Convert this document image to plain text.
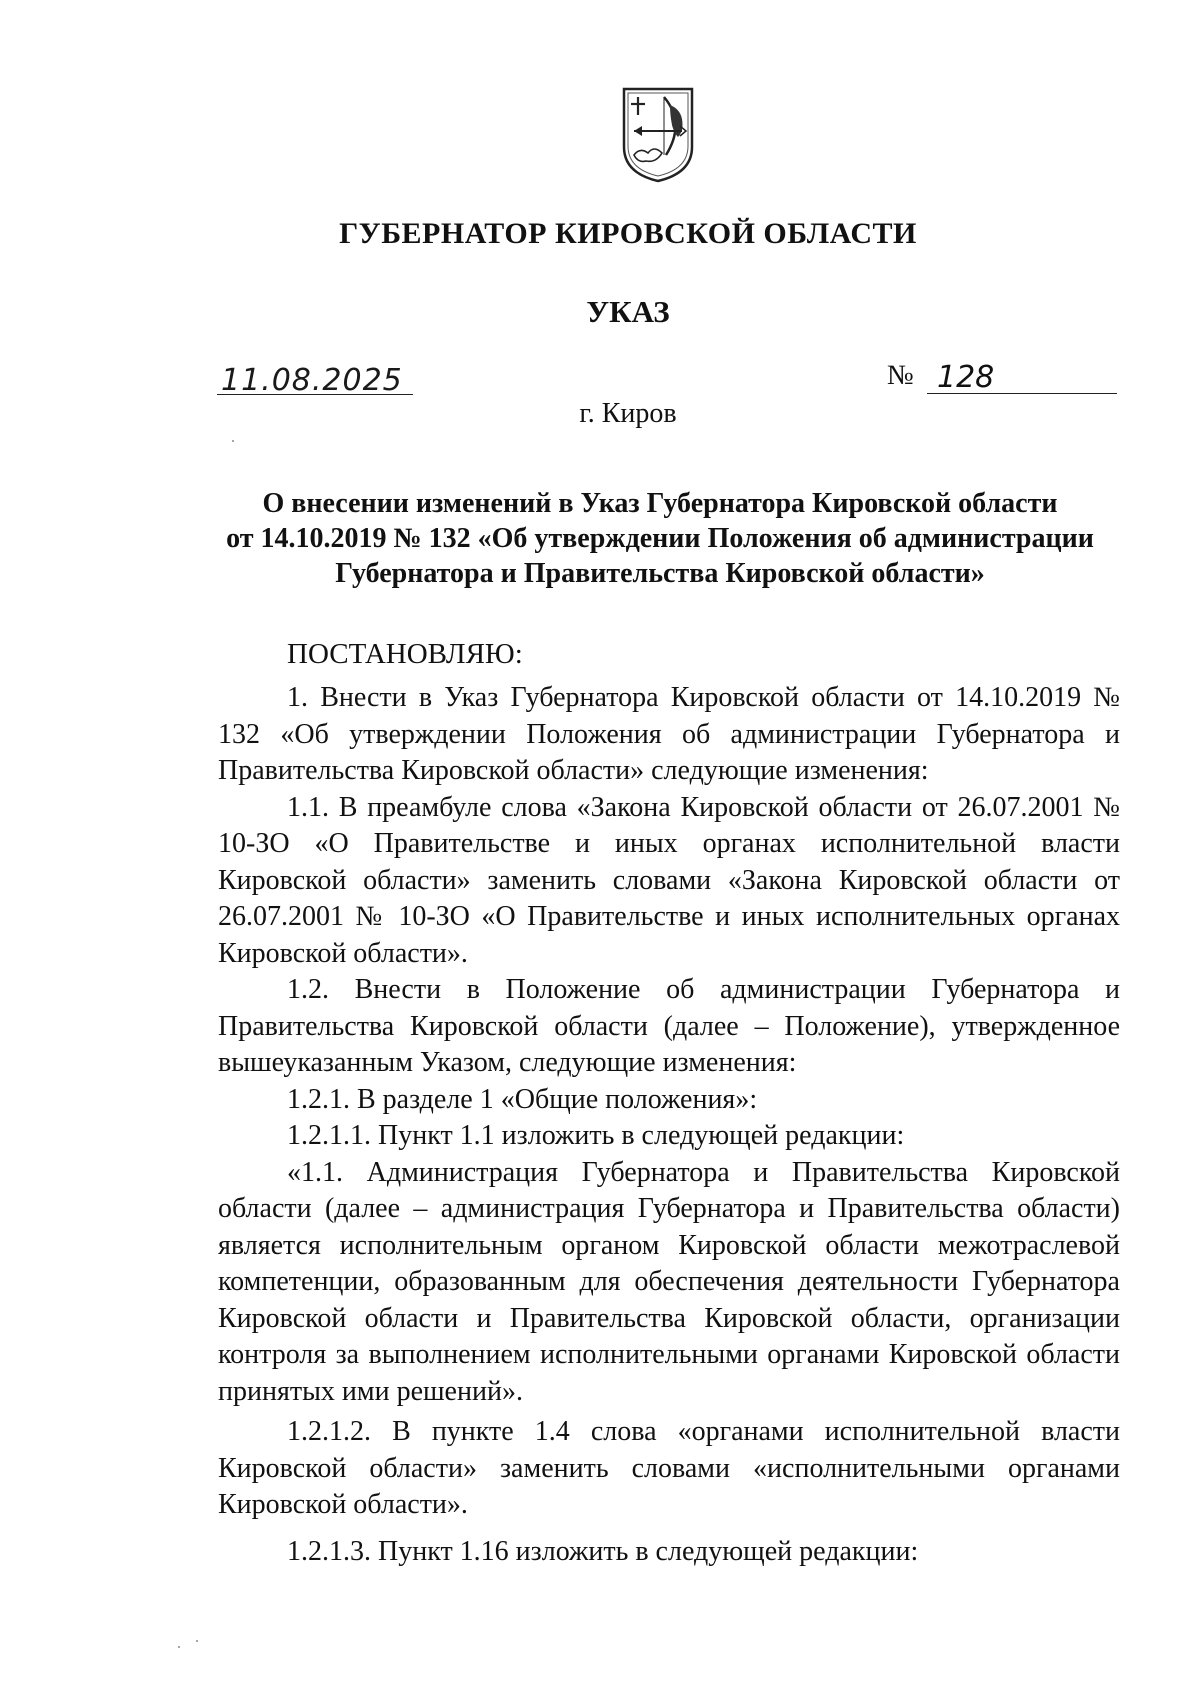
ГУБЕРНАТОР КИРОВСКОЙ ОБЛАСТИ
УКАЗ
11.08.2025	№ 128
г. Киров
О внесении изменений в Указ Губернатора Кировской области
от 14.10.2019 № 132 «Об утверждении Положения об администрации
Губернатора и Правительства Кировской области»
ПОСТАНОВЛЯЮ:

1. Внести в Указ Губернатора Кировской области от 14.10.2019 № 132 «Об утверждении Положения об администрации Губернатора и Правительства Кировской области» следующие изменения:

1.1. В преамбуле слова «Закона Кировской области от 26.07.2001 № 10-ЗО «О Правительстве и иных органах исполнительной власти Кировской области» заменить словами «Закона Кировской области от 26.07.2001 № 10-ЗО «О Правительстве и иных исполнительных органах Кировской области».

1.2. Внести в Положение об администрации Губернатора и Правительства Кировской области (далее – Положение), утвержденное вышеуказанным Указом, следующие изменения:

1.2.1. В разделе 1 «Общие положения»:

1.2.1.1. Пункт 1.1 изложить в следующей редакции:

«1.1. Администрация Губернатора и Правительства Кировской области (далее – администрация Губернатора и Правительства области) является исполнительным органом Кировской области межотраслевой компетенции, образованным для обеспечения деятельности Губернатора Кировской области и Правительства Кировской области, организации контроля за выполнением исполнительными органами Кировской области принятых ими решений».

1.2.1.2. В пункте 1.4 слова «органами исполнительной власти Кировской области» заменить словами «исполнительными органами Кировской области».

1.2.1.3. Пункт 1.16 изложить в следующей редакции:
